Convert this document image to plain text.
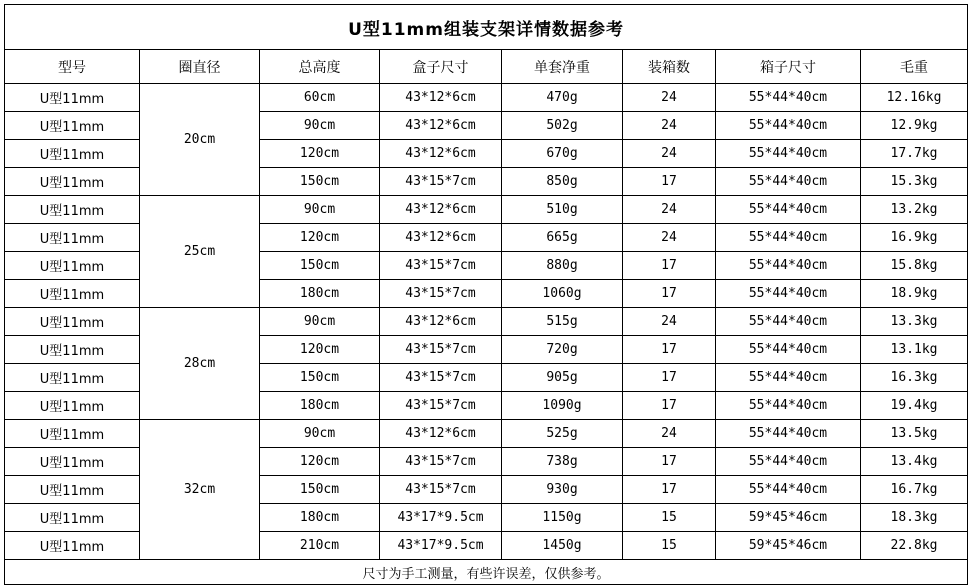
U型11mm组装支架详情数据参考							
型号	圈直径	总高度	盒子尺寸	单套净重	装箱数	箱子尺寸	毛重
U型11mm	20cm	60cm	43*12*6cm	470g	24	55*44*40cm	12.16kg
U型11mm		90cm	43*12*6cm	502g	24	55*44*40cm	12.9kg
U型11mm		120cm	43*12*6cm	670g	24	55*44*40cm	17.7kg
U型11mm		150cm	43*15*7cm	850g	17	55*44*40cm	15.3kg
U型11mm	25cm	90cm	43*12*6cm	510g	24	55*44*40cm	13.2kg
U型11mm		120cm	43*12*6cm	665g	24	55*44*40cm	16.9kg
U型11mm		150cm	43*15*7cm	880g	17	55*44*40cm	15.8kg
U型11mm		180cm	43*15*7cm	1060g	17	55*44*40cm	18.9kg
U型11mm	28cm	90cm	43*12*6cm	515g	24	55*44*40cm	13.3kg
U型11mm		120cm	43*15*7cm	720g	17	55*44*40cm	13.1kg
U型11mm		150cm	43*15*7cm	905g	17	55*44*40cm	16.3kg
U型11mm		180cm	43*15*7cm	1090g	17	55*44*40cm	19.4kg
U型11mm	32cm	90cm	43*12*6cm	525g	24	55*44*40cm	13.5kg
U型11mm		120cm	43*15*7cm	738g	17	55*44*40cm	13.4kg
U型11mm		150cm	43*15*7cm	930g	17	55*44*40cm	16.7kg
U型11mm		180cm	43*17*9.5cm	1150g	15	59*45*46cm	18.3kg
U型11mm		210cm	43*17*9.5cm	1450g	15	59*45*46cm	22.8kg
尺寸为手工测量，有些许误差，仅供参考。							
